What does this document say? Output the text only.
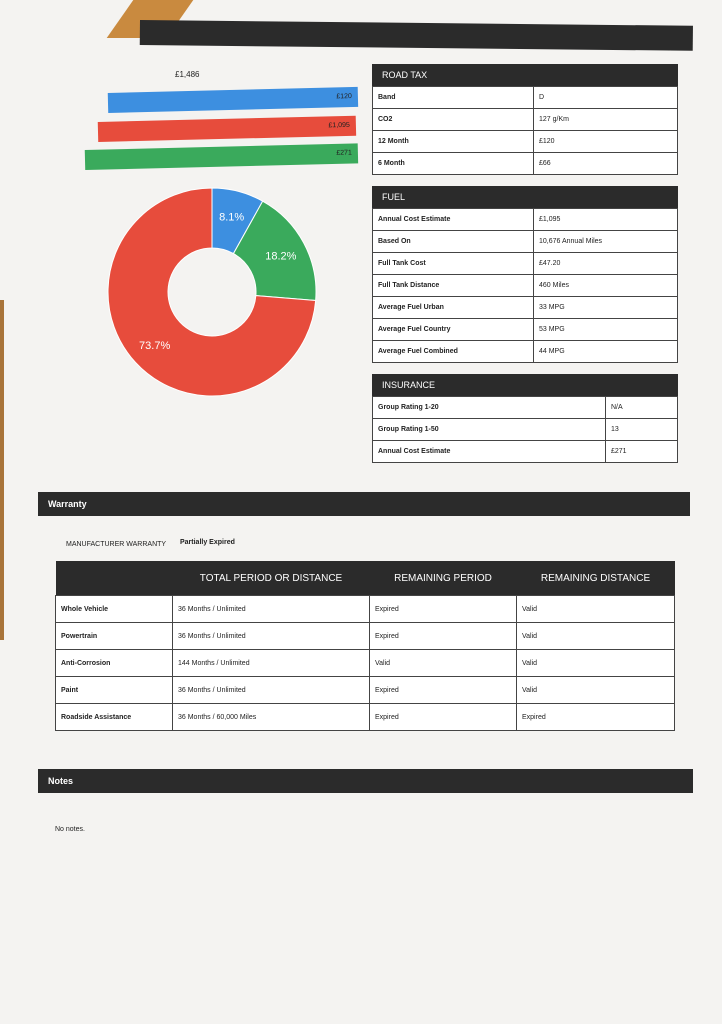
£1,486
£120
£1,095
£271
8.1%
18.2%
73.7%
ROAD TAX
Band	D
CO2	127 g/Km
12 Month	£120
6 Month	£66
FUEL
Annual Cost Estimate	£1,095
Based On	10,676 Annual Miles
Full Tank Cost	£47.20
Full Tank Distance	460 Miles
Average Fuel Urban	33 MPG
Average Fuel Country	53 MPG
Average Fuel Combined	44 MPG
INSURANCE
Group Rating 1-20	N/A
Group Rating 1-50	13
Annual Cost Estimate	£271
Warranty
MANUFACTURER WARRANTY Partially Expired
	TOTAL PERIOD OR DISTANCE	REMAINING PERIOD	REMAINING DISTANCE
Whole Vehicle	36 Months / Unlimited	Expired	Valid
Powertrain	36 Months / Unlimited	Expired	Valid
Anti-Corrosion	144 Months / Unlimited	Valid	Valid
Paint	36 Months / Unlimited	Expired	Valid
Roadside Assistance	36 Months / 60,000 Miles	Expired	Expired
Notes
No notes.
